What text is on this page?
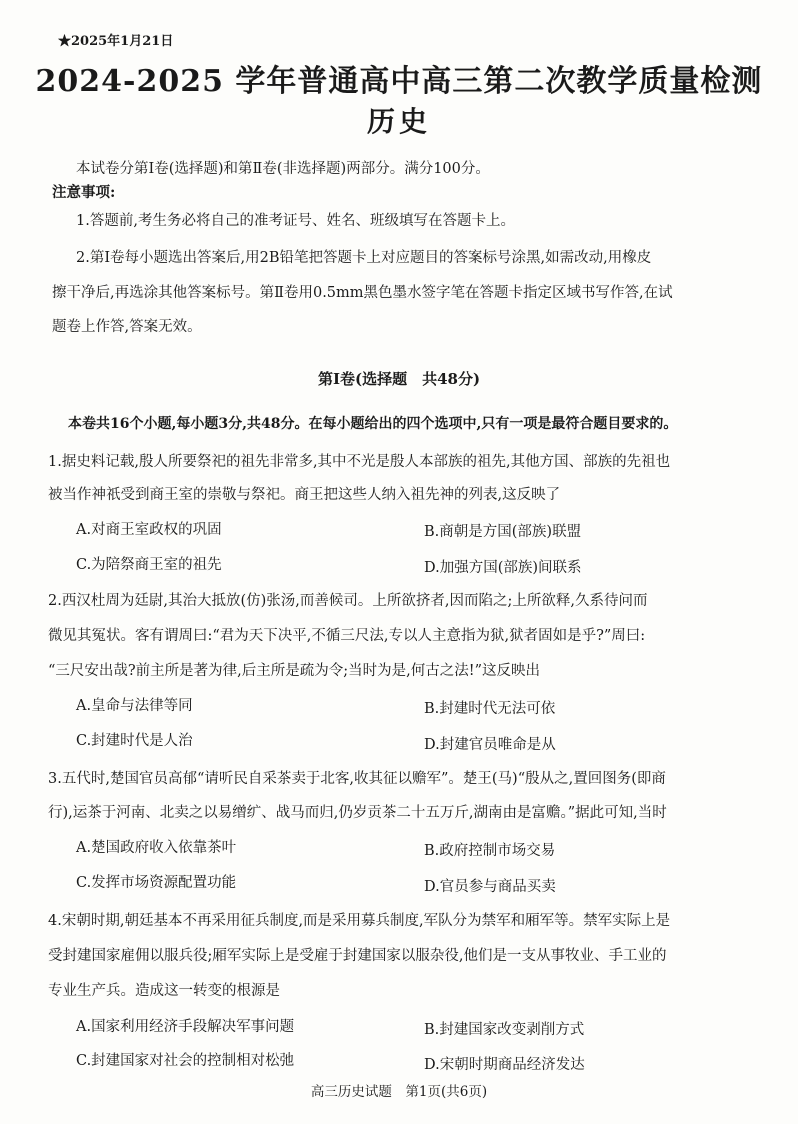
★2025年1月21日
2024-2025 学年普通高中高三第二次教学质量检测
历史
本试卷分第Ⅰ卷(选择题)和第Ⅱ卷(非选择题)两部分。满分100分。
注意事项:
1.答题前,考生务必将自己的准考证号、姓名、班级填写在答题卡上。
2.第Ⅰ卷每小题选出答案后,用2B铅笔把答题卡上对应题目的答案标号涂黑,如需改动,用橡皮
擦干净后,再选涂其他答案标号。第Ⅱ卷用0.5mm黑色墨水签字笔在答题卡指定区域书写作答,在试
题卷上作答,答案无效。
第Ⅰ卷(选择题　共48分)
本卷共16个小题,每小题3分,共48分。在每小题给出的四个选项中,只有一项是最符合题目要求的。
1.据史料记载,殷人所要祭祀的祖先非常多,其中不光是殷人本部族的祖先,其他方国、部族的先祖也
被当作神祇受到商王室的崇敬与祭祀。商王把这些人纳入祖先神的列表,这反映了
A.对商王室政权的巩固	B.商朝是方国(部族)联盟
C.为陪祭商王室的祖先	D.加强方国(部族)间联系
2.西汉杜周为廷尉,其治大抵放(仿)张汤,而善候司。上所欲挤者,因而陷之;上所欲释,久系待问而
微见其冤状。客有谓周曰:“君为天下决平,不循三尺法,专以人主意指为狱,狱者固如是乎?”周曰:
“三尺安出哉?前主所是著为律,后主所是疏为令;当时为是,何古之法!”这反映出
A.皇命与法律等同	B.封建时代无法可依
C.封建时代是人治	D.封建官员唯命是从
3.五代时,楚国官员高郁“请听民自采茶卖于北客,收其征以赡军”。楚王(马)“殷从之,置回图务(即商
行),运茶于河南、北卖之以易缯纩、战马而归,仍岁贡茶二十五万斤,湖南由是富赡。”据此可知,当时
A.楚国政府收入依靠茶叶	B.政府控制市场交易
C.发挥市场资源配置功能	D.官员参与商品买卖
4.宋朝时期,朝廷基本不再采用征兵制度,而是采用募兵制度,军队分为禁军和厢军等。禁军实际上是
受封建国家雇佣以服兵役;厢军实际上是受雇于封建国家以服杂役,他们是一支从事牧业、手工业的
专业生产兵。造成这一转变的根源是
A.国家利用经济手段解决军事问题	B.封建国家改变剥削方式
C.封建国家对社会的控制相对松弛	D.宋朝时期商品经济发达
高三历史试题　第1页(共6页)
